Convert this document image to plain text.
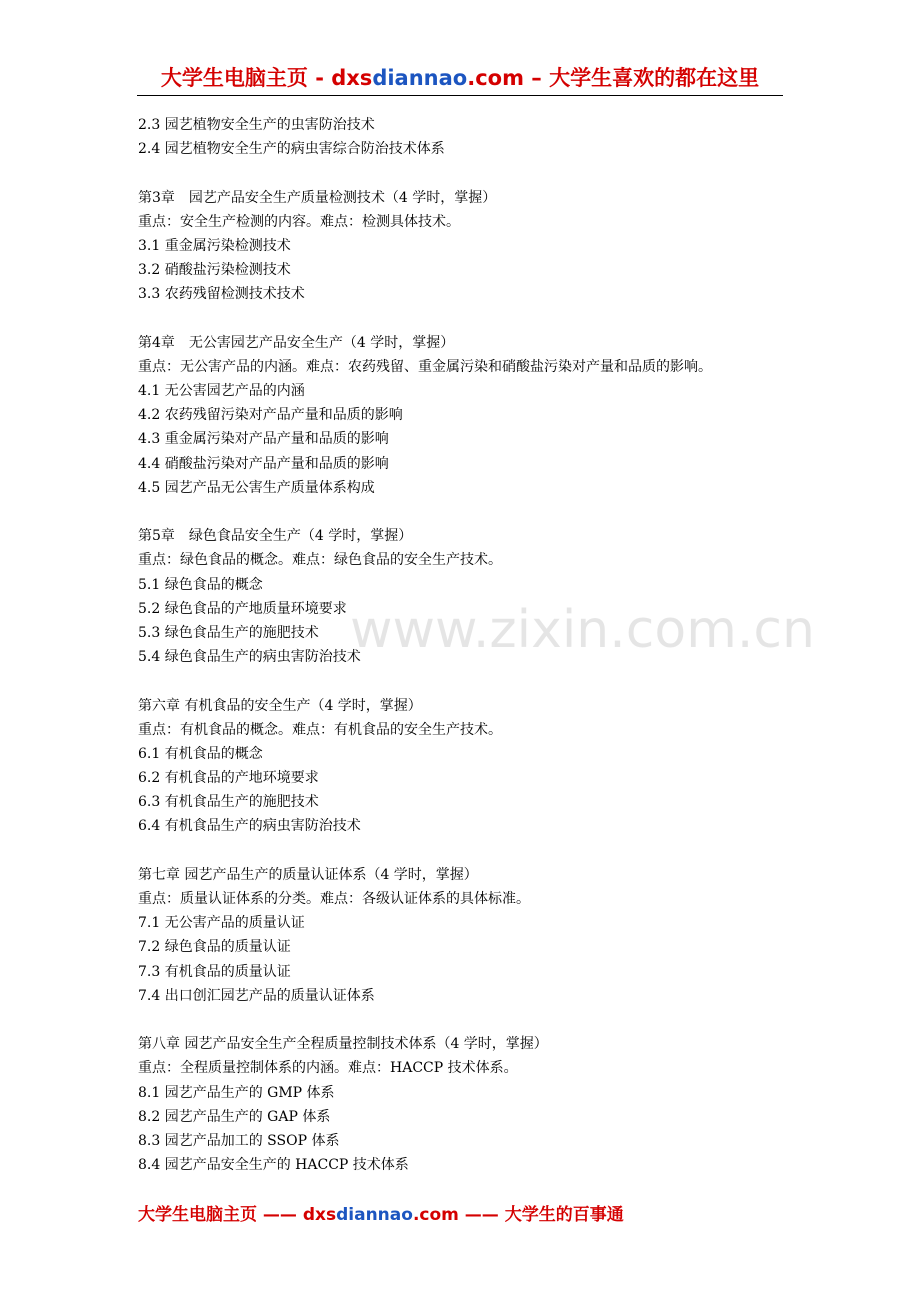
大学生电脑主页 - dxsdiannao.com – 大学生喜欢的都在这里
www.zixin.com.cn
2.3 园艺植物安全生产的虫害防治技术
2.4 园艺植物安全生产的病虫害综合防治技术体系
第3章　园艺产品安全生产质量检测技术（4 学时，掌握）
重点：安全生产检测的内容。难点：检测具体技术。
3.1 重金属污染检测技术
3.2 硝酸盐污染检测技术
3.3 农药残留检测技术技术
第4章　无公害园艺产品安全生产（4 学时，掌握）
重点：无公害产品的内涵。难点：农药残留、重金属污染和硝酸盐污染对产量和品质的影响。
4.1 无公害园艺产品的内涵
4.2 农药残留污染对产品产量和品质的影响
4.3 重金属污染对产品产量和品质的影响
4.4 硝酸盐污染对产品产量和品质的影响
4.5 园艺产品无公害生产质量体系构成
第5章　绿色食品安全生产（4 学时，掌握）
重点：绿色食品的概念。难点：绿色食品的安全生产技术。
5.1 绿色食品的概念
5.2 绿色食品的产地质量环境要求
5.3 绿色食品生产的施肥技术
5.4 绿色食品生产的病虫害防治技术
第六章 有机食品的安全生产（4 学时，掌握）
重点：有机食品的概念。难点：有机食品的安全生产技术。
6.1 有机食品的概念
6.2 有机食品的产地环境要求
6.3 有机食品生产的施肥技术
6.4 有机食品生产的病虫害防治技术
第七章 园艺产品生产的质量认证体系（4 学时，掌握）
重点：质量认证体系的分类。难点：各级认证体系的具体标准。
7.1 无公害产品的质量认证
7.2 绿色食品的质量认证
7.3 有机食品的质量认证
7.4 出口创汇园艺产品的质量认证体系
第八章 园艺产品安全生产全程质量控制技术体系（4 学时，掌握）
重点：全程质量控制体系的内涵。难点：HACCP 技术体系。
8.1 园艺产品生产的 GMP 体系
8.2 园艺产品生产的 GAP 体系
8.3 园艺产品加工的 SSOP 体系
8.4 园艺产品安全生产的 HACCP 技术体系
大学生电脑主页 —— dxsdiannao.com —— 大学生的百事通
